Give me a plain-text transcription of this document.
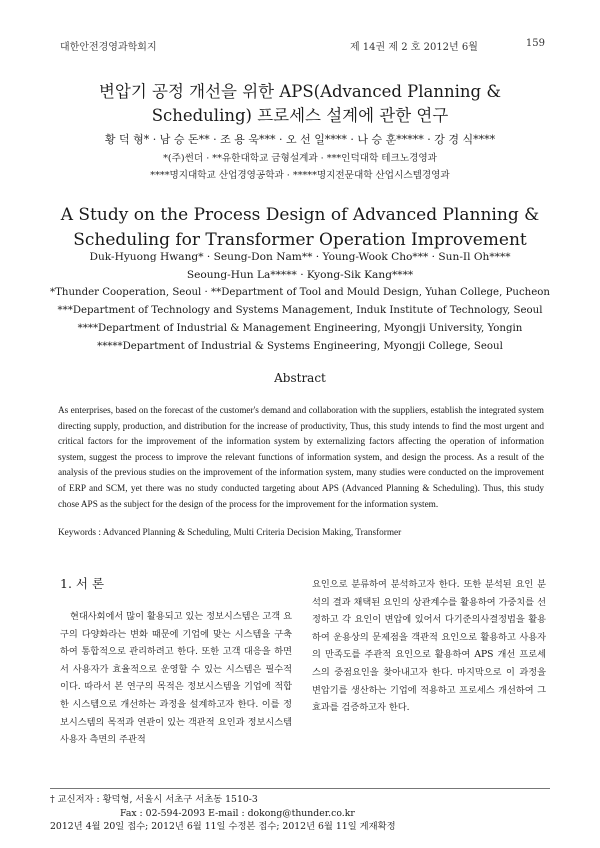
대한안전경영과학회지	제 14권 제 2 호 2012년 6월	159
변압기 공정 개선을 위한 APS(Advanced Planning &
Scheduling) 프로세스 설계에 관한 연구
황 덕 형* · 남 승 돈** · 조 용 욱*** · 오 선 일**** · 나 승 훈***** · 강 경 식****
*(주)썬더 · **유한대학교 금형설계과 · ***인덕대학 테크노경영과
****명지대학교 산업경영공학과 · *****명지전문대학 산업시스템경영과
A Study on the Process Design of Advanced Planning &
Scheduling for Transformer Operation Improvement
Duk-Hyuong Hwang* · Seung-Don Nam** · Young-Wook Cho*** · Sun-Il Oh****
Seoung-Hun La***** · Kyong-Sik Kang****
*Thunder Cooperation, Seoul · **Department of Tool and Mould Design, Yuhan College, Pucheon
***Department of Technology and Systems Management, Induk Institute of Technology, Seoul
****Department of Industrial & Management Engineering, Myongji University, Yongin
*****Department of Industrial & Systems Engineering, Myongji College, Seoul
Abstract
As enterprises, based on the forecast of the customer's demand and collaboration with the suppliers, establish the integrated system directing supply, production, and distribution for the increase of productivity, Thus, this study intends to find the most urgent and critical factors for the improvement of the information system by externalizing factors affecting the operation of information system, suggest the process to improve the relevant functions of information system, and design the process. As a result of the analysis of the previous studies on the improvement of the information system, many studies were conducted on the improvement of ERP and SCM, yet there was no study conducted targeting about APS (Advanced Planning & Scheduling). Thus, this study chose APS as the subject for the design of the process for the improvement for the information system.
Keywords : Advanced Planning & Scheduling, Multi Criteria Decision Making, Transformer
1. 서 론

현대사회에서 많이 활용되고 있는 정보시스템은 고객 요구의 다양화라는 변화 때문에 기업에 맞는 시스템을 구축하여 통합적으로 관리하려고 한다. 또한 고객 대응을 하면서 사용자가 효율적으로 운영할 수 있는 시스템은 필수적이다. 따라서 본 연구의 목적은 정보시스템을 기업에 적합한 시스템으로 개선하는 과정을 설계하고자 한다. 이를 정보시스템의 목적과 연관이 있는 객관적 요인과 정보시스템 사용자 측면의 주관적

요인으로 분류하여 분석하고자 한다. 또한 분석된 요인 분석의 결과 채택된 요인의 상관계수를 활용하여 가중치를 선정하고 각 요인이 변압에 있어서 다기준의사결정법을 활용하여 운용상의 문제점을 객관적 요인으로 활용하고 사용자의 만족도를 주관적 요인으로 활용하여 APS 개선 프로세스의 중점요인을 찾아내고자 한다. 마지막으로 이 과정을 변압기를 생산하는 기업에 적용하고 프로세스 개선하여 그 효과를 검증하고자 한다.

† 교신저자 : 황덕형, 서울시 서초구 서초동 1510-3
Fax : 02-594-2093 E-mail : dokong@thunder.co.kr
2012년 4월 20일 접수; 2012년 6월 11일 수정본 접수; 2012년 6월 11일 게재확정
